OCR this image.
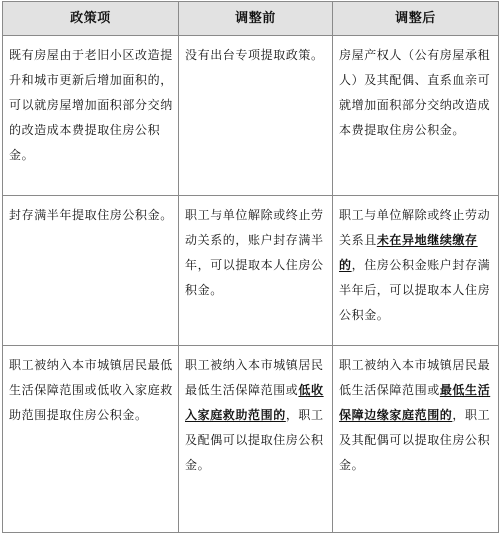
政策项	调整前	调整后
既有房屋由于老旧小区改造提升和城市更新后增加面积的，可以就房屋增加面积部分交纳的改造成本费提取住房公积金。	没有出台专项提取政策。	房屋产权人（公有房屋承租人）及其配偶、直系血亲可就增加面积部分交纳改造成本费提取住房公积金。
封存满半年提取住房公积金。	职工与单位解除或终止劳动关系的，账户封存满半年，可以提取本人住房公积金。	职工与单位解除或终止劳动关系且未在异地继续缴存的，住房公积金账户封存满半年后，可以提取本人住房公积金。
职工被纳入本市城镇居民最低生活保障范围或低收入家庭救助范围提取住房公积金。	职工被纳入本市城镇居民最低生活保障范围或低收入家庭救助范围的，职工及配偶可以提取住房公积金。	职工被纳入本市城镇居民最低生活保障范围或最低生活保障边缘家庭范围的，职工及其配偶可以提取住房公积金。
